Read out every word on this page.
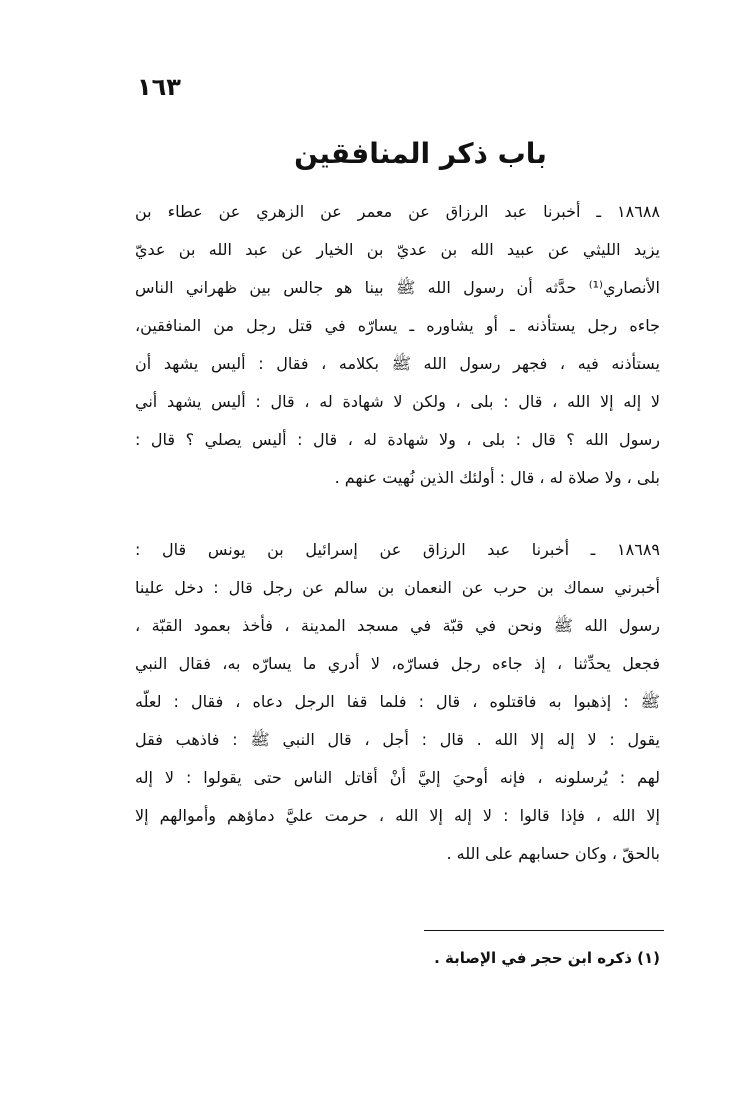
١٦٣
باب ذكر المنافقين
١٨٦٨٨ ـ أخبرنا عبد الرزاق عن معمر عن الزهري عن عطاء بن
يزيد الليثي عن عبيد الله بن عديّ بن الخيار عن عبد الله بن عديّ
الأنصاري⁽¹⁾ حدَّثه أن رسول الله ﷺ بينا هو جالس بين ظهراني الناس
جاءه رجل يستأذنه ـ أو يشاوره ـ يسارّه في قتل رجل من المنافقين،
يستأذنه فيه ، فجهر رسول الله ﷺ بكلامه ، فقال : أليس يشهد أن
لا إله إلا الله ، قال : بلى ، ولكن لا شهادة له ، قال : أليس يشهد أني
رسول الله ؟ قال : بلى ، ولا شهادة له ، قال : أليس يصلي ؟ قال :
بلى ، ولا صلاة له ، قال : أولئك الذين نُهيت عنهم .
١٨٦٨٩ ـ أخبرنا عبد الرزاق عن إسرائيل بن يونس قال :
أخبرني سماك بن حرب عن النعمان بن سالم عن رجل قال : دخل علينا
رسول الله ﷺ ونحن في قبّة في مسجد المدينة ، فأخذ بعمود القبّة ،
فجعل يحدِّثنا ، إذ جاءه رجل فسارّه، لا أدري ما يسارّه به، فقال النبي
ﷺ : إذهبوا به فاقتلوه ، قال : فلما قفا الرجل دعاه ، فقال : لعلّه
يقول : لا إله إلا الله . قال : أجل ، قال النبي ﷺ : فاذهب فقل
لهم : يُرسلونه ، فإنه أوحيَ إليَّ أنْ أقاتل الناس حتى يقولوا : لا إله
إلا الله ، فإذا قالوا : لا إله إلا الله ، حرمت عليَّ دماؤهم وأموالهم إلا
بالحقّ ، وكان حسابهم على الله .
(١) ذكره ابن حجر في الإصابة .
